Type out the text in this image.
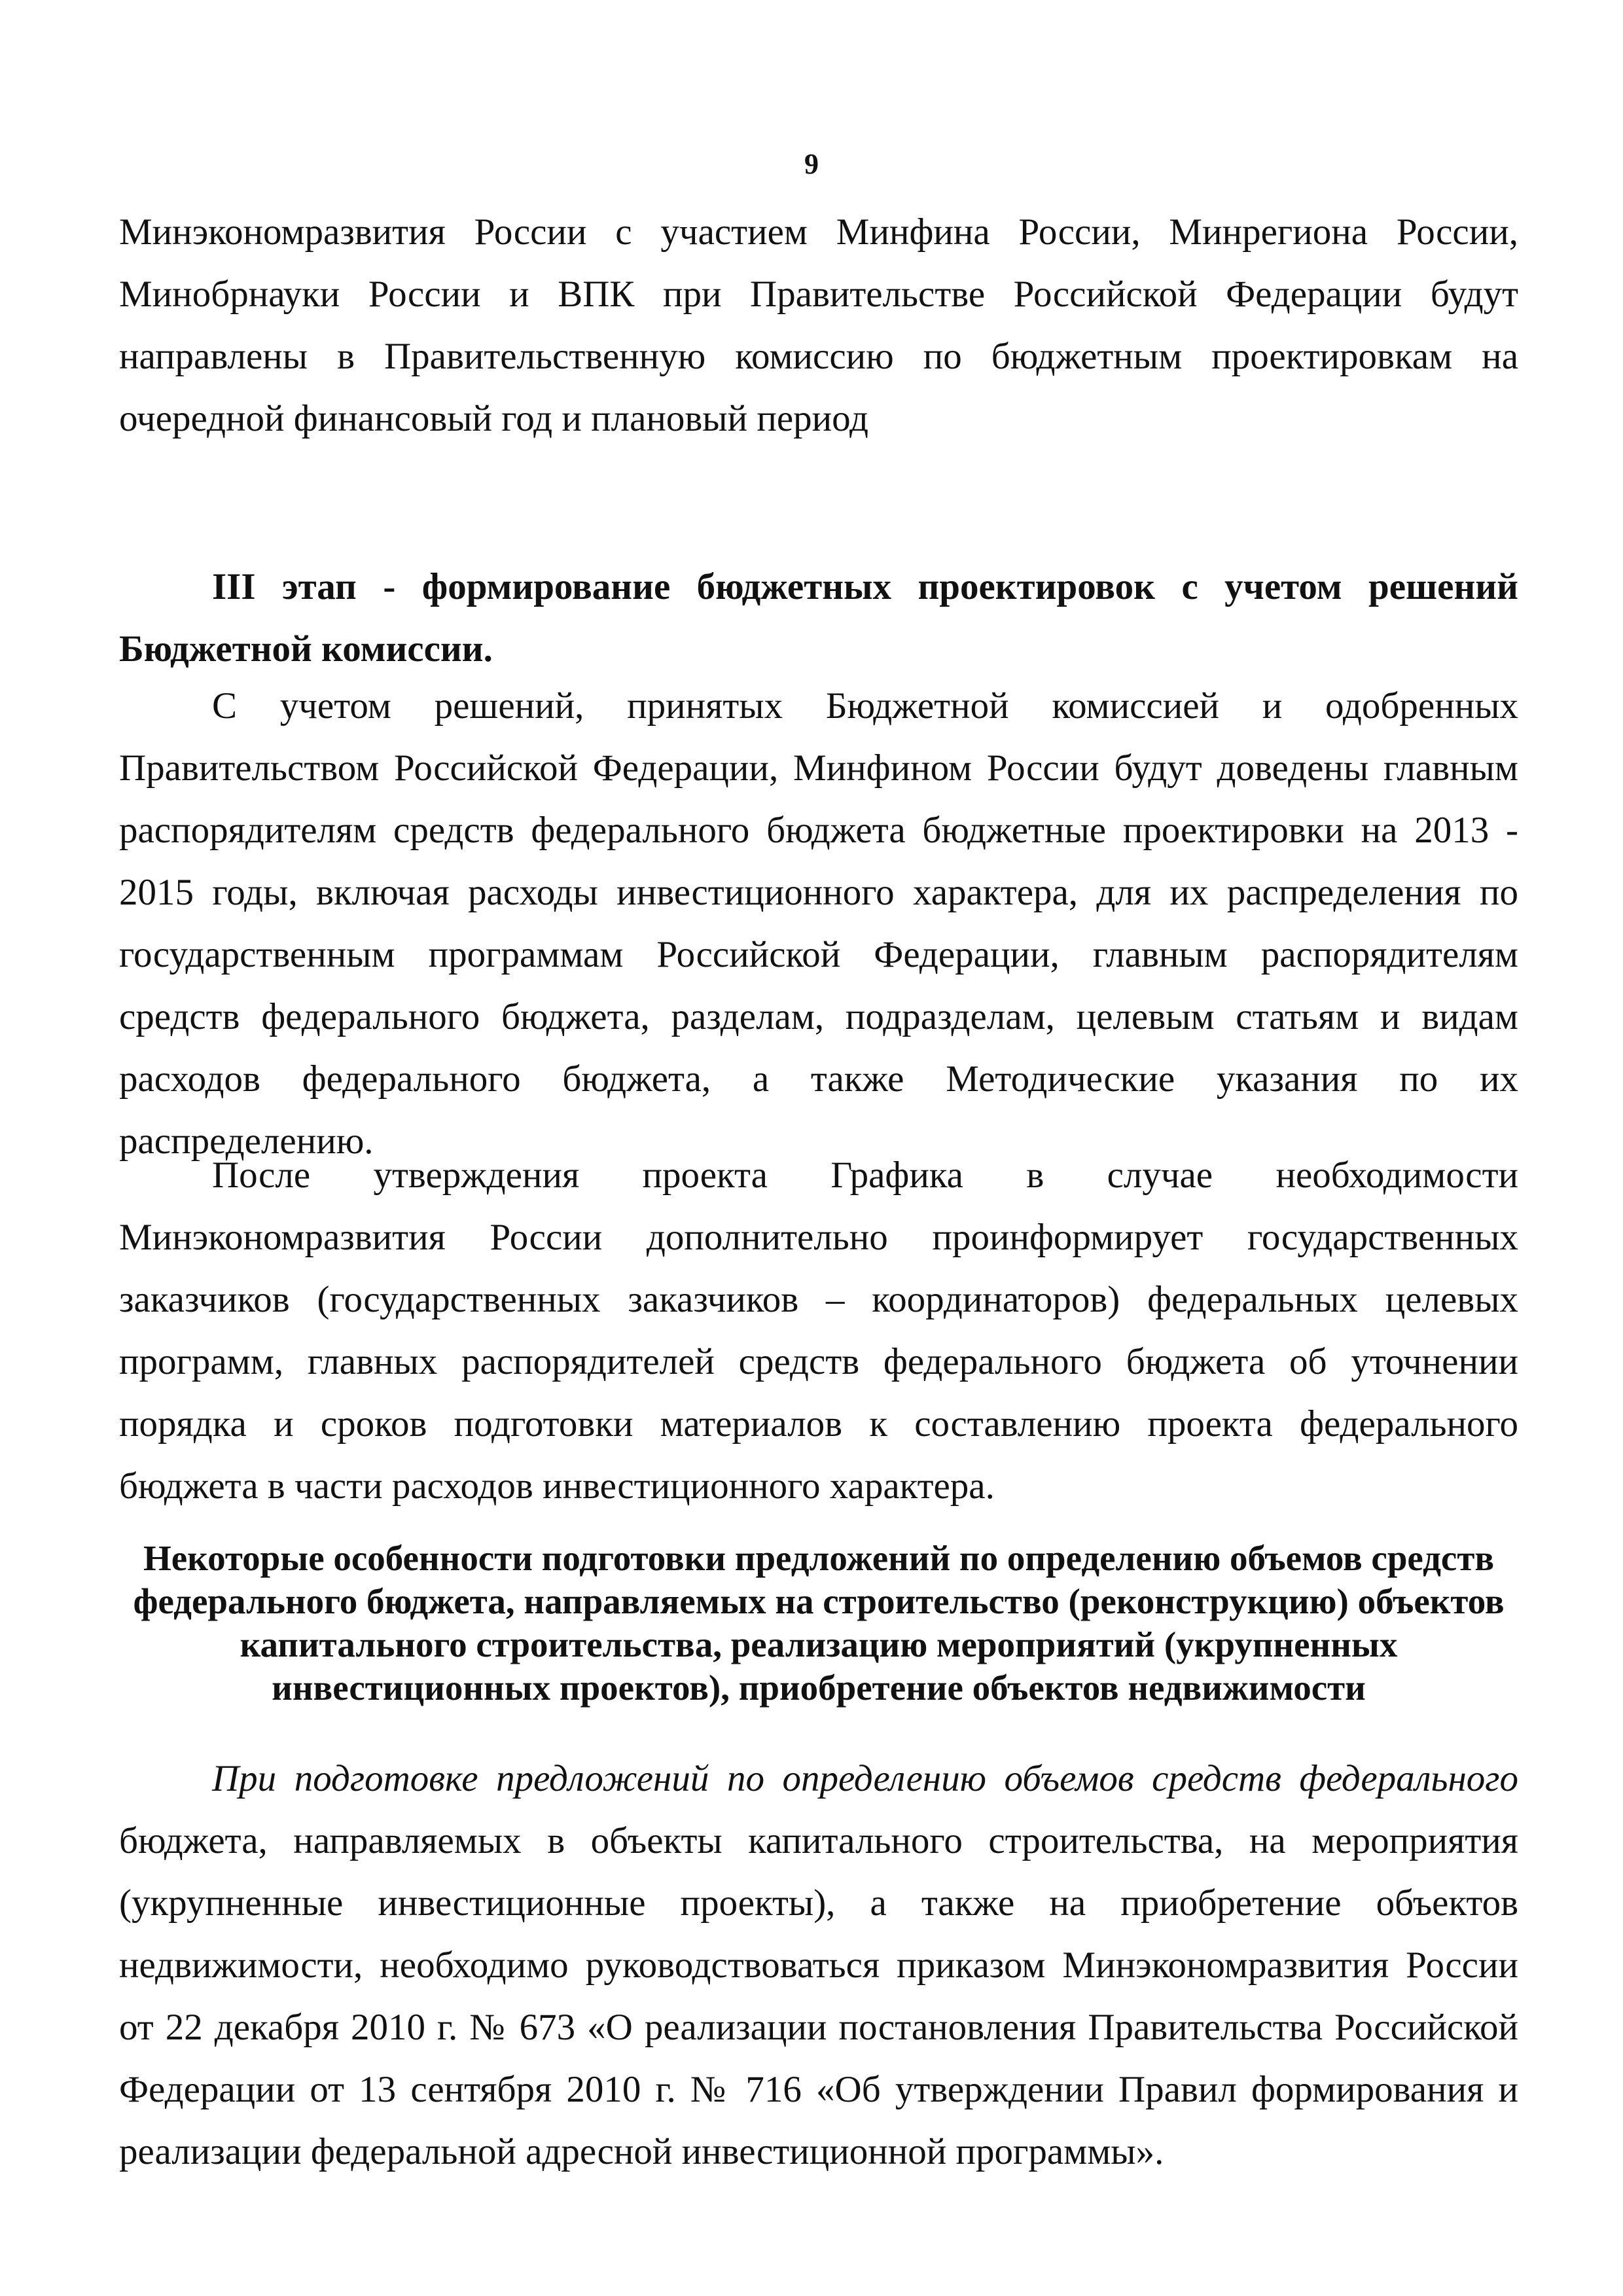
9

Минэкономразвития России с участием Минфина России, Минрегиона России, Минобрнауки России и ВПК при Правительстве Российской Федерации будут направлены в Правительственную комиссию по бюджетным проектировкам на очередной финансовый год и плановый период

III этап - формирование бюджетных проектировок с учетом решений Бюджетной комиссии.

С учетом решений, принятых Бюджетной комиссией и одобренных Правительством Российской Федерации, Минфином России будут доведены главным распорядителям средств федерального бюджета бюджетные проектировки на 2013 - 2015 годы, включая расходы инвестиционного характера, для их распределения по государственным программам Российской Федерации, главным распорядителям средств федерального бюджета, разделам, подразделам, целевым статьям и видам расходов федерального бюджета, а также Методические указания по их распределению.

После утверждения проекта Графика в случае необходимости Минэкономразвития России дополнительно проинформирует государственных заказчиков (государственных заказчиков – координаторов) федеральных целевых программ, главных распорядителей средств федерального бюджета об уточнении порядка и сроков подготовки материалов к составлению проекта федерального бюджета в части расходов инвестиционного характера.

Некоторые особенности подготовки предложений по определению объемов средств
федерального бюджета, направляемых на строительство (реконструкцию) объектов
капитального строительства, реализацию мероприятий (укрупненных
инвестиционных проектов), приобретение объектов недвижимости

При подготовке предложений по определению объемов средств федерального бюджета, направляемых в объекты капитального строительства, на мероприятия (укрупненные инвестиционные проекты), а также на приобретение объектов недвижимости, необходимо руководствоваться приказом Минэкономразвития России от 22 декабря 2010 г. № 673 «О реализации постановления Правительства Российской Федерации от 13 сентября 2010 г. № 716 «Об утверждении Правил формирования и реализации федеральной адресной инвестиционной программы».
